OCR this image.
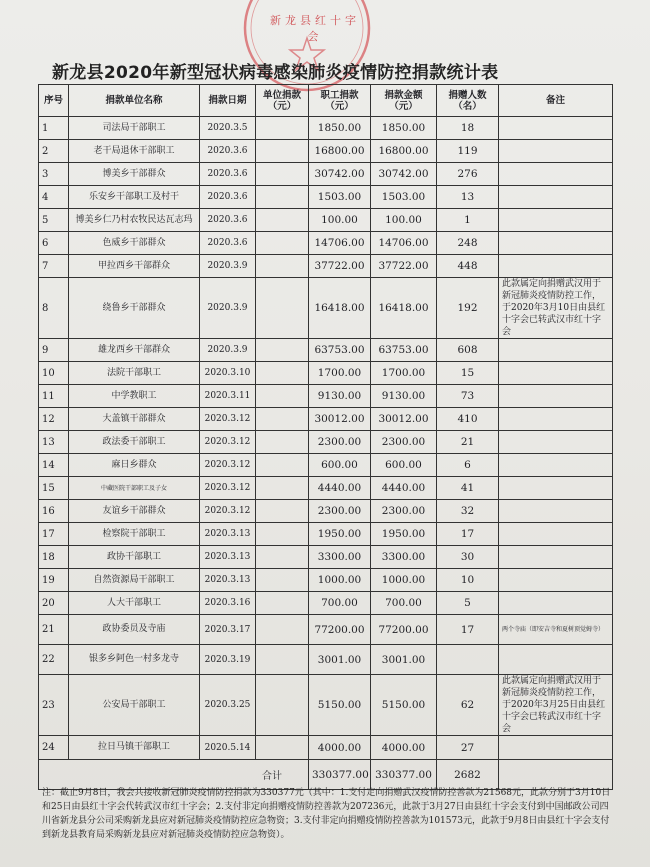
新龙县红十字会
新龙县2020年新型冠状病毒感染肺炎疫情防控捐款统计表
序号	捐款单位名称	捐款日期	单位捐款（元）	职工捐款（元）	捐款金额（元）	捐赠人数（名）	备注
1	司法局干部职工	2020.3.5		1850.00	1850.00	18	
2	老干局退休干部职工	2020.3.6		16800.00	16800.00	119	
3	博美乡干部群众	2020.3.6		30742.00	30742.00	276	
4	乐安乡干部职工及村干	2020.3.6		1503.00	1503.00	13	
5	博美乡仁乃村农牧民达瓦志玛	2020.3.6		100.00	100.00	1	
6	色威乡干部群众	2020.3.6		14706.00	14706.00	248	
7	甲拉西乡干部群众	2020.3.9		37722.00	37722.00	448	
8	绕鲁乡干部群众	2020.3.9		16418.00	16418.00	192	此款属定向捐赠武汉用于新冠肺炎疫情防控工作，于2020年3月10日由县红十字会已转武汉市红十字会
9	雄龙西乡干部群众	2020.3.9		63753.00	63753.00	608	
10	法院干部职工	2020.3.10		1700.00	1700.00	15	
11	中学教职工	2020.3.11		9130.00	9130.00	73	
12	大盖镇干部群众	2020.3.12		30012.00	30012.00	410	
13	政法委干部职工	2020.3.12		2300.00	2300.00	21	
14	麻日乡群众	2020.3.12		600.00	600.00	6	
15	中藏医院干部职工及子女	2020.3.12		4440.00	4440.00	41	
16	友谊乡干部群众	2020.3.12		2300.00	2300.00	32	
17	检察院干部职工	2020.3.13		1950.00	1950.00	17	
18	政协干部职工	2020.3.13		3300.00	3300.00	30	
19	自然资源局干部职工	2020.3.13		1000.00	1000.00	10	
20	人大干部职工	2020.3.16		700.00	700.00	5	
21	政协委员及寺庙	2020.3.17		77200.00	77200.00	17	两个寺庙（即安吉寺和夏树顶觉姆寺）
22	银多乡阿色一村多龙寺	2020.3.19		3001.00	3001.00		
23	公安局干部职工	2020.3.25		5150.00	5150.00	62	此款属定向捐赠武汉用于新冠肺炎疫情防控工作，于2020年3月25日由县红十字会已转武汉市红十字会
24	拉日马镇干部职工	2020.5.14		4000.00	4000.00	27	
合计				330377.00	330377.00	2682	
注：截止9月8日，我会共接收新冠肺炎疫情防控捐款为330377元（其中：1.支付定向捐赠武汉疫情防控善款为21568元，此款分别于3月10日和25日由县红十字会代转武汉市红十字会；2.支付非定向捐赠疫情防控善款为207236元，此款于3月27日由县红十字会支付到中国邮政公司四川省新龙县分公司采购新龙县应对新冠肺炎疫情防控应急物资；3.支付非定向捐赠疫情防控善款为101573元，此款于9月8日由县红十字会支付到新龙县教育局采购新龙县应对新冠肺炎疫情防控应急物资）。
